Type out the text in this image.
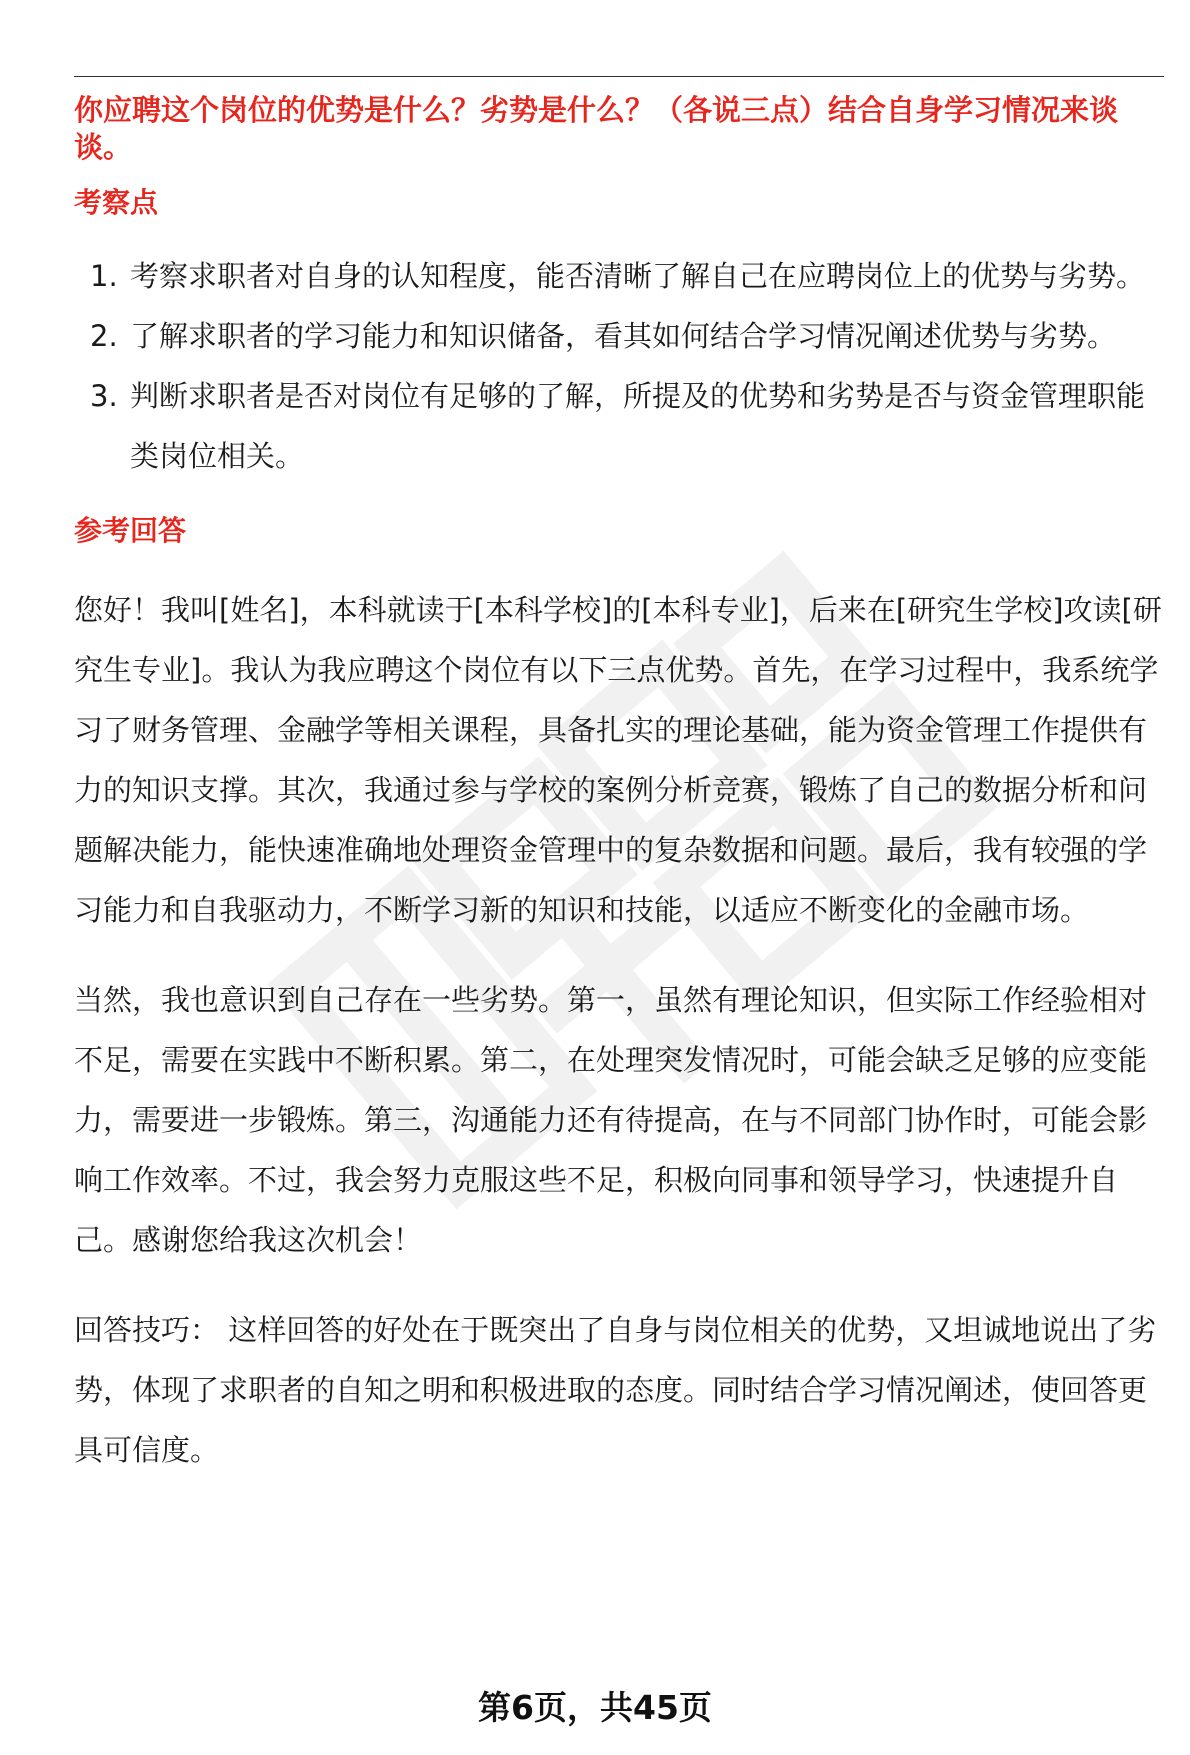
你应聘这个岗位的优势是什么？劣势是什么？（各说三点）结合自身学习情况来谈谈。

考察点
1. 考察求职者对自身的认知程度，能否清晰了解自己在应聘岗位上的优势与劣势。
2. 了解求职者的学习能力和知识储备，看其如何结合学习情况阐述优势与劣势。
3. 判断求职者是否对岗位有足够的了解，所提及的优势和劣势是否与资金管理职能类岗位相关。
参考回答

您好！我叫[姓名]，本科就读于[本科学校]的[本科专业]，后来在[研究生学校]攻读[研究生专业]。我认为我应聘这个岗位有以下三点优势。首先，在学习过程中，我系统学习了财务管理、金融学等相关课程，具备扎实的理论基础，能为资金管理工作提供有力的知识支撑。其次，我通过参与学校的案例分析竞赛，锻炼了自己的数据分析和问题解决能力，能快速准确地处理资金管理中的复杂数据和问题。最后，我有较强的学习能力和自我驱动力，不断学习新的知识和技能，以适应不断变化的金融市场。

当然，我也意识到自己存在一些劣势。第一，虽然有理论知识，但实际工作经验相对不足，需要在实践中不断积累。第二，在处理突发情况时，可能会缺乏足够的应变能力，需要进一步锻炼。第三，沟通能力还有待提高，在与不同部门协作时，可能会影响工作效率。不过，我会努力克服这些不足，积极向同事和领导学习，快速提升自己。感谢您给我这次机会！

回答技巧： 这样回答的好处在于既突出了自身与岗位相关的优势，又坦诚地说出了劣势，体现了求职者的自知之明和积极进取的态度。同时结合学习情况阐述，使回答更具可信度。

第6页，共45页
